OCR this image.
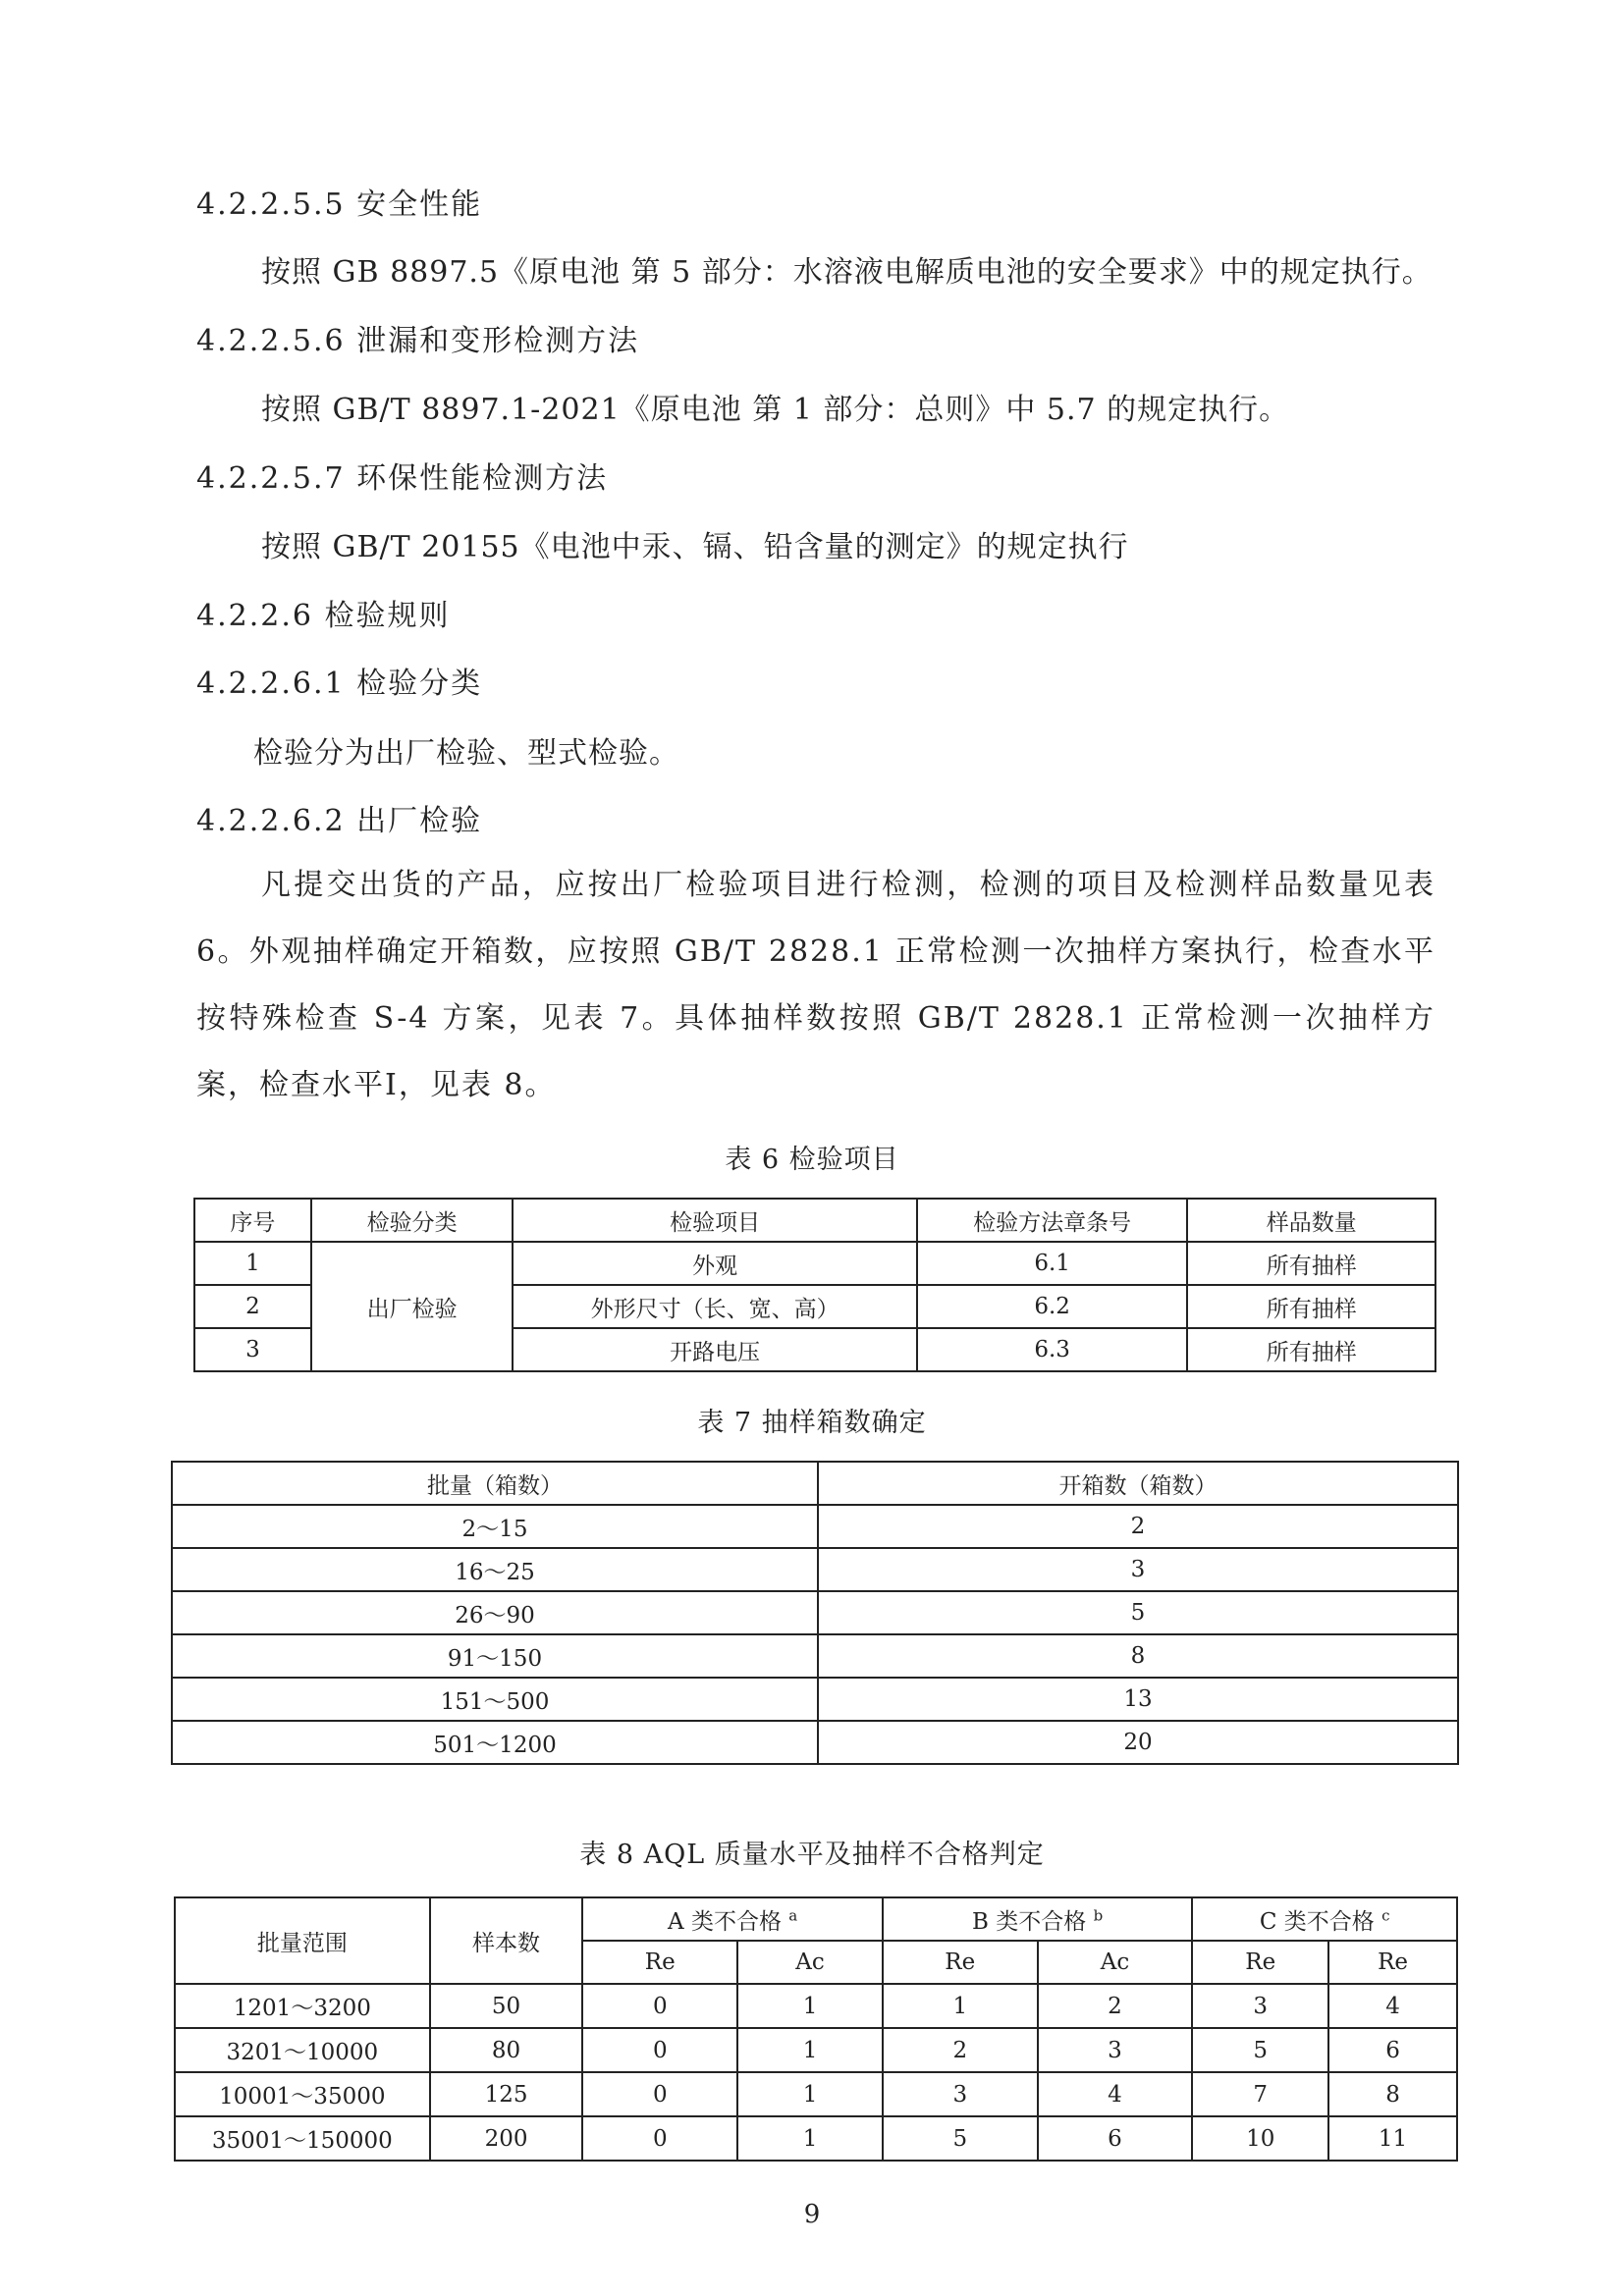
4.2.2.5.5 安全性能
按照 GB 8897.5《原电池 第 5 部分：水溶液电解质电池的安全要求》中的规定执行。
4.2.2.5.6 泄漏和变形检测方法
按照 GB/T 8897.1-2021《原电池 第 1 部分：总则》中 5.7 的规定执行。
4.2.2.5.7 环保性能检测方法
按照 GB/T 20155《电池中汞、镉、铅含量的测定》的规定执行
4.2.2.6 检验规则
4.2.2.6.1 检验分类
检验分为出厂检验、型式检验。
4.2.2.6.2 出厂检验
凡提交出货的产品，应按出厂检验项目进行检测，检测的项目及检测样品数量见表 6。外观抽样确定开箱数，应按照 GB/T 2828.1 正常检测一次抽样方案执行，检查水平按特殊检查 S-4 方案，见表 7。具体抽样数按照 GB/T 2828.1 正常检测一次抽样方案，检查水平Ⅰ，见表 8。
表 6 检验项目
序号	检验分类	检验项目	检验方法章条号	样品数量
1	出厂检验	外观	6.1	所有抽样
2		外形尺寸（长、宽、高）	6.2	所有抽样
3		开路电压	6.3	所有抽样
表 7 抽样箱数确定
批量（箱数）	开箱数（箱数）
2～15	2
16～25	3
26～90	5
91～150	8
151～500	13
501～1200	20
表 8 AQL 质量水平及抽样不合格判定
批量范围	样本数	A 类不合格 $^a$		B 类不合格 $^b$		C 类不合格 $^c$
		Re	Ac	Re	Ac	Re	Re
1201～3200	50	0	1	1	2	3	4
3201～10000	80	0	1	2	3	5	6
10001～35000	125	0	1	3	4	7	8
35001～150000	200	0	1	5	6	10	11
9
